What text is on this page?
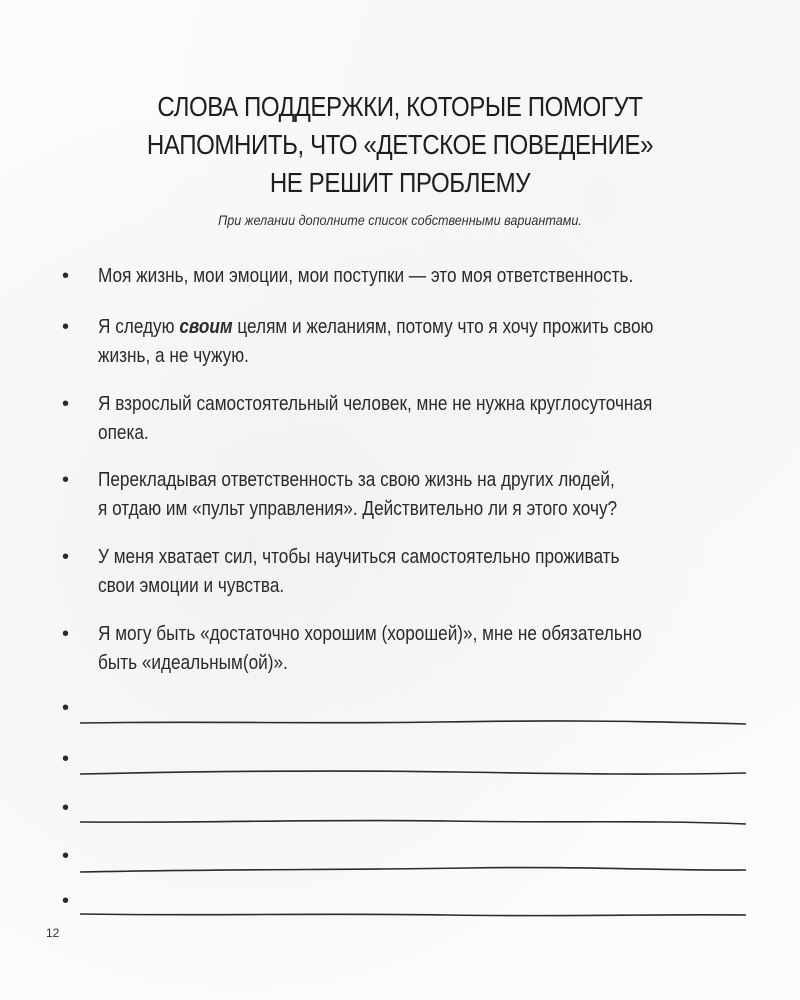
СЛОВА ПОДДЕРЖКИ, КОТОРЫЕ ПОМОГУТ
НАПОМНИТЬ, ЧТО «ДЕТСКОЕ ПОВЕДЕНИЕ»
НЕ РЕШИТ ПРОБЛЕМУ
При желании дополните список собственными вариантами.
•	Моя жизнь, мои эмоции, мои поступки — это моя ответственность.
•	Я следую своим целям и желаниям, потому что я хочу прожить свою
жизнь, а не чужую.
•	Я взрослый самостоятельный человек, мне не нужна круглосуточная
опека.
•	Перекладывая ответственность за свою жизнь на других людей,
я отдаю им «пульт управления». Действительно ли я этого хочу?
•	У меня хватает сил, чтобы научиться самостоятельно проживать
свои эмоции и чувства.
•	Я могу быть «достаточно хорошим (хорошей)», мне не обязательно
быть «идеальным(ой)».
•
•
•
•
•
12
